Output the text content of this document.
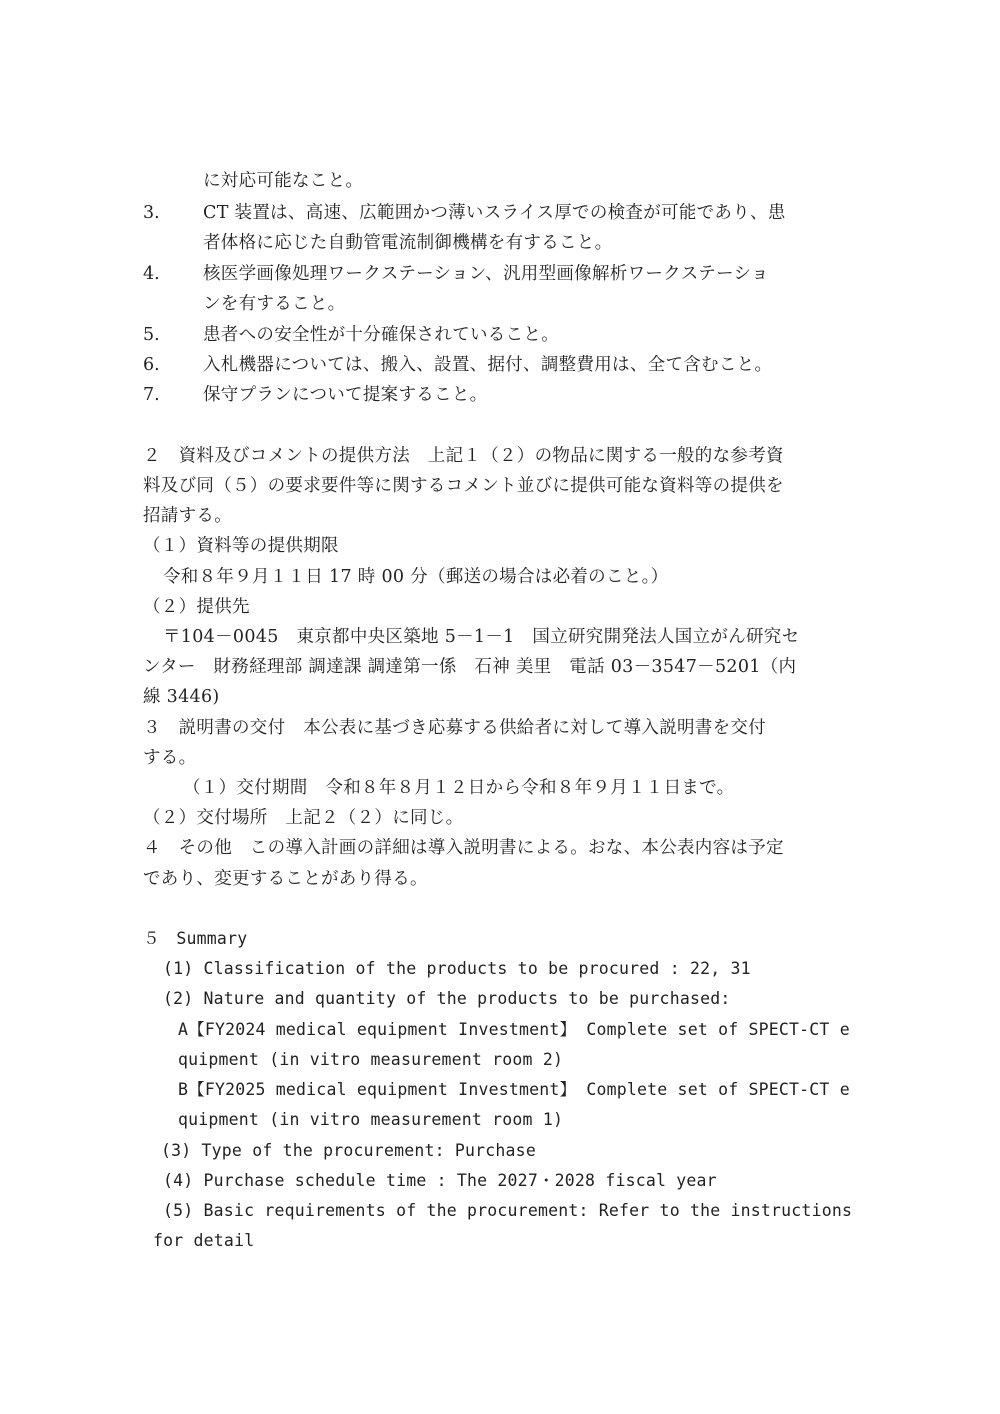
に対応可能なこと。
3. CT 装置は、高速、広範囲かつ薄いスライス厚での検査が可能であり、患
者体格に応じた自動管電流制御機構を有すること。
4. 核医学画像処理ワークステーション、汎用型画像解析ワークステーショ
ンを有すること。
5. 患者への安全性が十分確保されていること。
6. 入札機器については、搬入、設置、据付、調整費用は、全て含むこと。
7. 保守プランについて提案すること。
２　資料及びコメントの提供方法　上記１（２）の物品に関する一般的な参考資
料及び同（５）の要求要件等に関するコメント並びに提供可能な資料等の提供を
招請する。
（１）資料等の提供期限
令和８年９月１１日 17 時 00 分（郵送の場合は必着のこと。）
（２）提供先
〒104－0045　東京都中央区築地 5－1－1　国立研究開発法人国立がん研究セ
ンター　財務経理部 調達課 調達第一係　石神 美里　電話 03－3547－5201（内
線 3446)
３　説明書の交付　本公表に基づき応募する供給者に対して導入説明書を交付
する。
（１）交付期間　令和８年８月１２日から令和８年９月１１日まで。
（２）交付場所　上記２（２）に同じ。
４　その他　この導入計画の詳細は導入説明書による。おな、本公表内容は予定
であり、変更することがあり得る。
５　Summary
(1) Classification of the products to be procured : 22, 31
(2) Nature and quantity of the products to be purchased:
A【FY2024 medical equipment Investment】 Complete set of SPECT-CT e
quipment (in vitro measurement room 2)
B【FY2025 medical equipment Investment】 Complete set of SPECT-CT e
quipment (in vitro measurement room 1)
(3) Type of the procurement: Purchase
(4) Purchase schedule time : The 2027・2028 fiscal year
(5) Basic requirements of the procurement: Refer to the instructions
for detail
